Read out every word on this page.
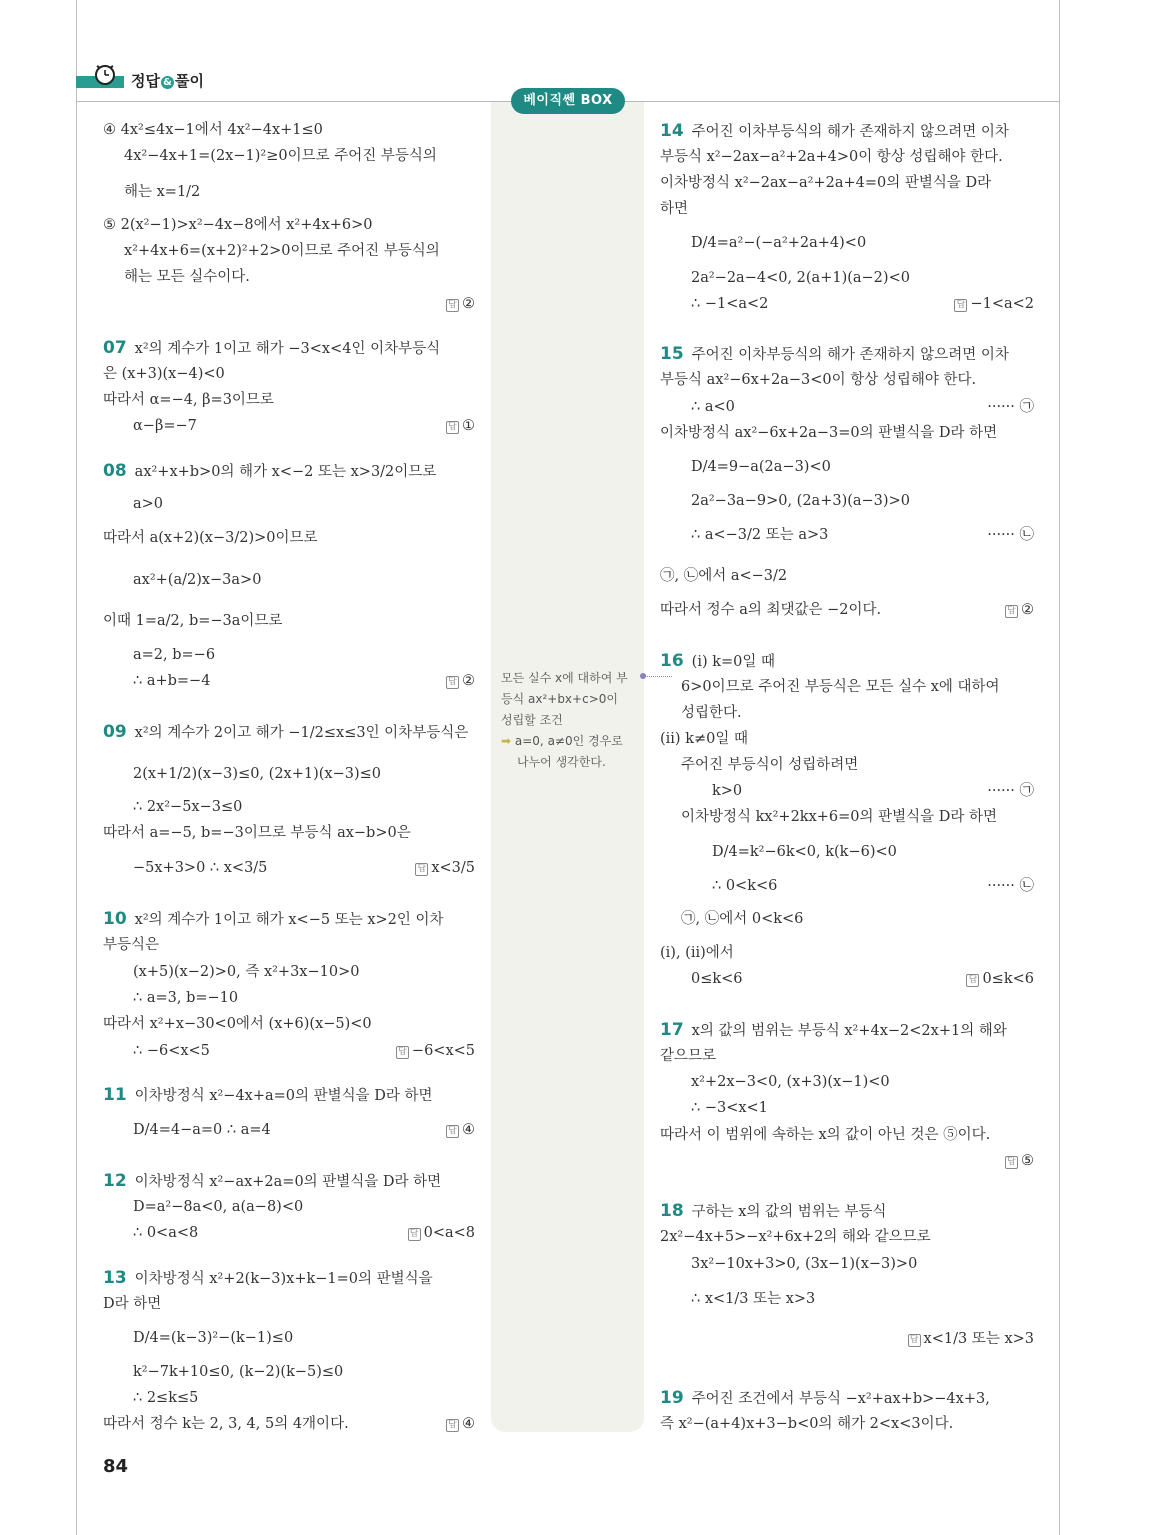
정답 & 풀이
베이직쎈 BOX
모든 실수 x에 대하여 부
등식 ax²+bx+c>0이
성립할 조건
➡ a=0, a≠0인 경우로
나누어 생각한다.
④ 4x²≤4x−1에서 4x²−4x+1≤0
4x²−4x+1=(2x−1)²≥0이므로 주어진 부등식의
해는 x=1/2
⑤ 2(x²−1)>x²−4x−8에서 x²+4x+6>0
x²+4x+6=(x+2)²+2>0이므로 주어진 부등식의
해는 모든 실수이다.
답 ②
07 x²의 계수가 1이고 해가 −3<x<4인 이차부등식
은 (x+3)(x−4)<0
따라서 α=−4, β=3이므로
α−β=−7	답 ①
08 ax²+x+b>0의 해가 x<−2 또는 x>3/2이므로
a>0
따라서 a(x+2)(x−3/2)>0이므로
ax²+(a/2)x−3a>0
이때 1=a/2, b=−3a이므로
a=2, b=−6
∴ a+b=−4	답 ②
09 x²의 계수가 2이고 해가 −1/2≤x≤3인 이차부등식은
2(x+1/2)(x−3)≤0, (2x+1)(x−3)≤0
∴ 2x²−5x−3≤0
따라서 a=−5, b=−3이므로 부등식 ax−b>0은
−5x+3>0 ∴ x<3/5	답 x<3/5
10 x²의 계수가 1이고 해가 x<−5 또는 x>2인 이차
부등식은
(x+5)(x−2)>0, 즉 x²+3x−10>0
∴ a=3, b=−10
따라서 x²+x−30<0에서 (x+6)(x−5)<0
∴ −6<x<5	답 −6<x<5
11 이차방정식 x²−4x+a=0의 판별식을 D라 하면
D/4=4−a=0 ∴ a=4	답 ④
12 이차방정식 x²−ax+2a=0의 판별식을 D라 하면
D=a²−8a<0, a(a−8)<0
∴ 0<a<8	답 0<a<8
13 이차방정식 x²+2(k−3)x+k−1=0의 판별식을
D라 하면
D/4=(k−3)²−(k−1)≤0
k²−7k+10≤0, (k−2)(k−5)≤0
∴ 2≤k≤5
따라서 정수 k는 2, 3, 4, 5의 4개이다.	답 ④
14 주어진 이차부등식의 해가 존재하지 않으려면 이차
부등식 x²−2ax−a²+2a+4>0이 항상 성립해야 한다.
이차방정식 x²−2ax−a²+2a+4=0의 판별식을 D라
하면
D/4=a²−(−a²+2a+4)<0
2a²−2a−4<0, 2(a+1)(a−2)<0
∴ −1<a<2	답 −1<a<2
15 주어진 이차부등식의 해가 존재하지 않으려면 이차
부등식 ax²−6x+2a−3<0이 항상 성립해야 한다.
∴ a<0	······ ㉠
이차방정식 ax²−6x+2a−3=0의 판별식을 D라 하면
D/4=9−a(2a−3)<0
2a²−3a−9>0, (2a+3)(a−3)>0
∴ a<−3/2 또는 a>3	······ ㉡
㉠, ㉡에서 a<−3/2
따라서 정수 a의 최댓값은 −2이다.	답 ②
16 (i) k=0일 때
6>0이므로 주어진 부등식은 모든 실수 x에 대하여
성립한다.
(ii) k≠0일 때
주어진 부등식이 성립하려면
k>0	······ ㉠
이차방정식 kx²+2kx+6=0의 판별식을 D라 하면
D/4=k²−6k<0, k(k−6)<0
∴ 0<k<6	······ ㉡
㉠, ㉡에서 0<k<6
(i), (ii)에서
0≤k<6	답 0≤k<6
17 x의 값의 범위는 부등식 x²+4x−2<2x+1의 해와
같으므로
x²+2x−3<0, (x+3)(x−1)<0
∴ −3<x<1
따라서 이 범위에 속하는 x의 값이 아닌 것은 ⑤이다.
답 ⑤
18 구하는 x의 값의 범위는 부등식
2x²−4x+5>−x²+6x+2의 해와 같으므로
3x²−10x+3>0, (3x−1)(x−3)>0
∴ x<1/3 또는 x>3
답 x<1/3 또는 x>3
19 주어진 조건에서 부등식 −x²+ax+b>−4x+3,
즉 x²−(a+4)x+3−b<0의 해가 2<x<3이다.
84
